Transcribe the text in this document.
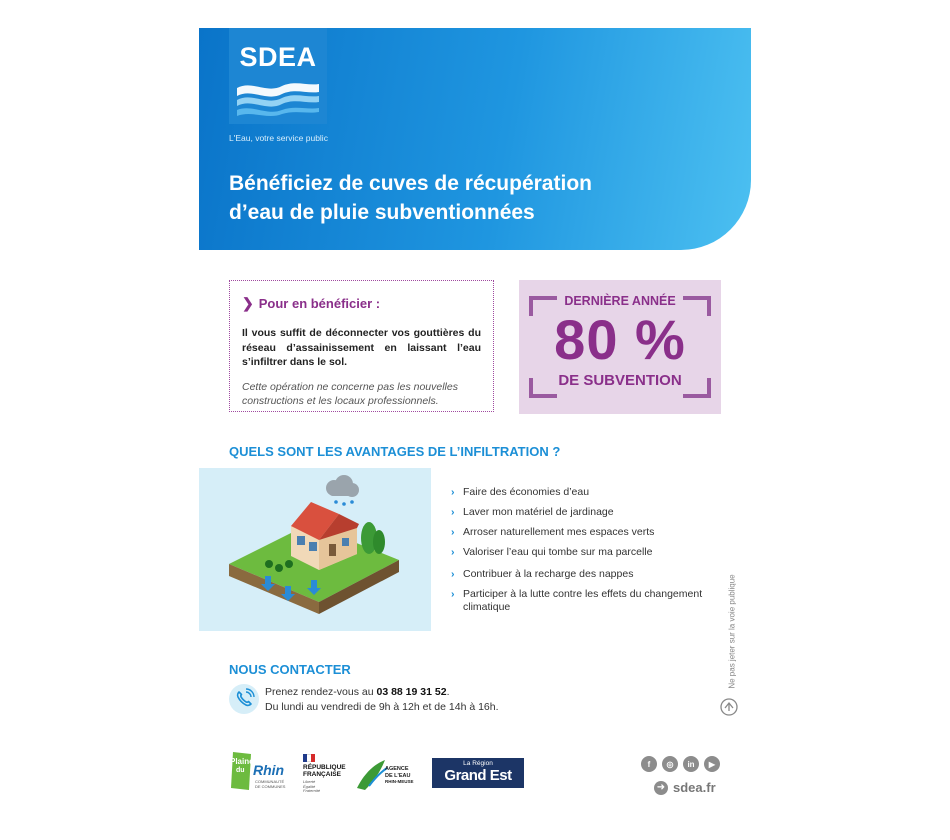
SDEA
L'Eau, votre service public
Bénéficiez de cuves de récupération
d’eau de pluie subventionnées
❯ Pour en bénéficier :
Il vous suffit de déconnecter vos gouttières du réseau d’assainissement en laissant l’eau s’infiltrer dans le sol.
Cette opération ne concerne pas les nouvelles constructions et les locaux professionnels.
DERNIÈRE ANNÉE
80 %
DE SUBVENTION
QUELS SONT LES AVANTAGES DE L’INFILTRATION ?
› Faire des économies d’eau
› Laver mon matériel de jardinage
› Arroser naturellement mes espaces verts
› Valoriser l’eau qui tombe sur ma parcelle
› Contribuer à la recharge des nappes
› Participer à la lutte contre les effets du changement climatique	Ne pas jeter sur la voie publique
NOUS CONTACTER
Prenez rendez-vous au 03 88 19 31 52.
Du lundi au vendredi de 9h à 12h et de 14h à 16h.
Plaine
du Rhin
COMMUNAUTÉ
DE COMMUNES
RÉPUBLIQUE
FRANÇAISE
Liberté
Égalité
Fraternité
AGENCE
DE L'EAU
RHIN-MEUSE
La Région
Grand Est
f	◎	in	▶
➜ sdea.fr
